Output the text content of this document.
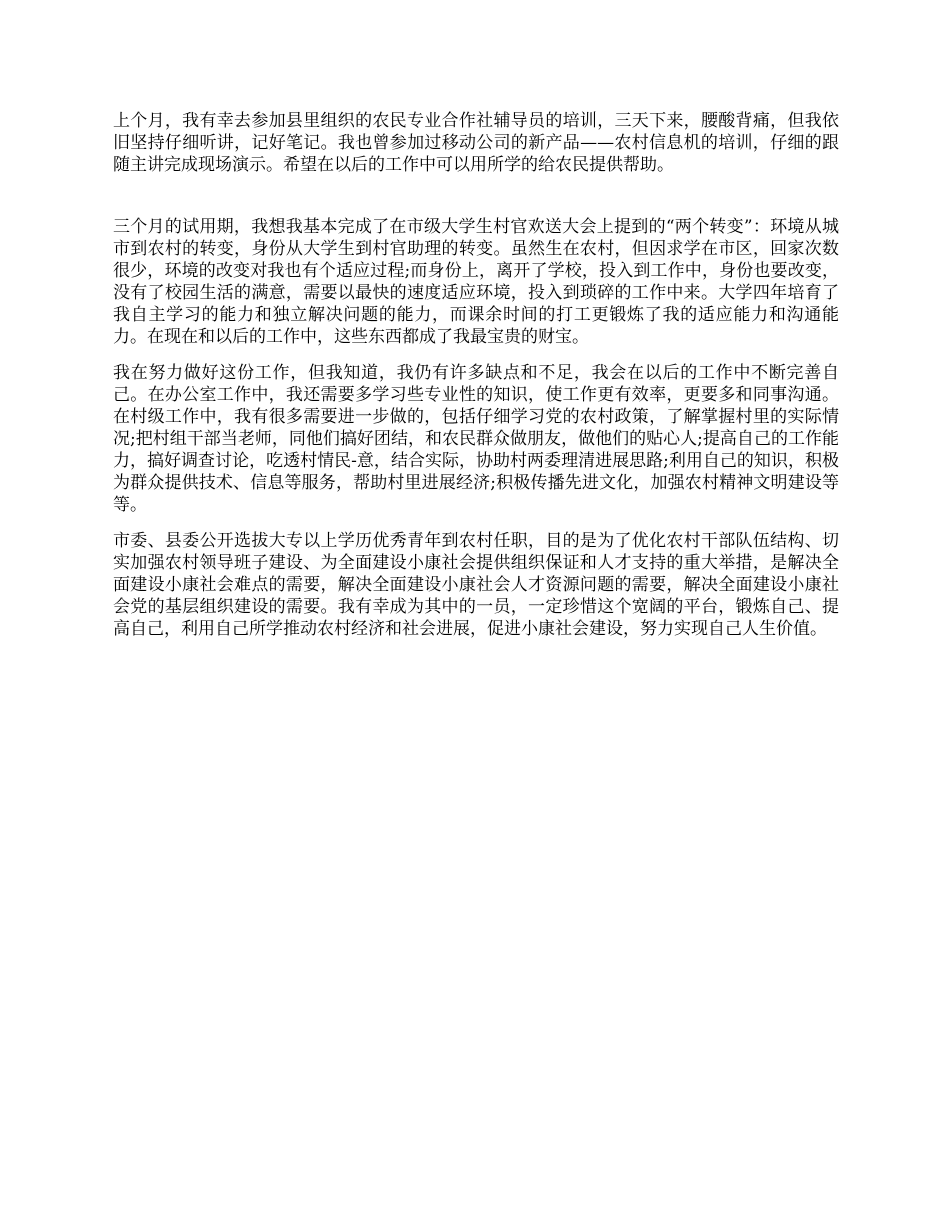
上个月，我有幸去参加县里组织的农民专业合作社辅导员的培训，三天下来，腰酸背痛，但我依旧坚持仔细听讲，记好笔记。我也曾参加过移动公司的新产品——农村信息机的培训，仔细的跟随主讲完成现场演示。希望在以后的工作中可以用所学的给农民提供帮助。

三个月的试用期，我想我基本完成了在市级大学生村官欢送大会上提到的“两个转变”：环境从城市到农村的转变，身份从大学生到村官助理的转变。虽然生在农村，但因求学在市区，回家次数很少，环境的改变对我也有个适应过程;而身份上，离开了学校，投入到工作中，身份也要改变，没有了校园生活的满意，需要以最快的速度适应环境，投入到琐碎的工作中来。大学四年培育了我自主学习的能力和独立解决问题的能力，而课余时间的打工更锻炼了我的适应能力和沟通能力。在现在和以后的工作中，这些东西都成了我最宝贵的财宝。

我在努力做好这份工作，但我知道，我仍有许多缺点和不足，我会在以后的工作中不断完善自己。在办公室工作中，我还需要多学习些专业性的知识，使工作更有效率，更要多和同事沟通。在村级工作中，我有很多需要进一步做的，包括仔细学习党的农村政策，了解掌握村里的实际情况;把村组干部当老师，同他们搞好团结，和农民群众做朋友，做他们的贴心人;提高自己的工作能力，搞好调查讨论，吃透村情民-意，结合实际，协助村两委理清进展思路;利用自己的知识，积极为群众提供技术、信息等服务，帮助村里进展经济;积极传播先进文化，加强农村精神文明建设等等。

市委、县委公开选拔大专以上学历优秀青年到农村任职，目的是为了优化农村干部队伍结构、切实加强农村领导班子建设、为全面建设小康社会提供组织保证和人才支持的重大举措，是解决全面建设小康社会难点的需要，解决全面建设小康社会人才资源问题的需要，解决全面建设小康社会党的基层组织建设的需要。我有幸成为其中的一员，一定珍惜这个宽阔的平台，锻炼自己、提高自己，利用自己所学推动农村经济和社会进展，促进小康社会建设，努力实现自己人生价值。
